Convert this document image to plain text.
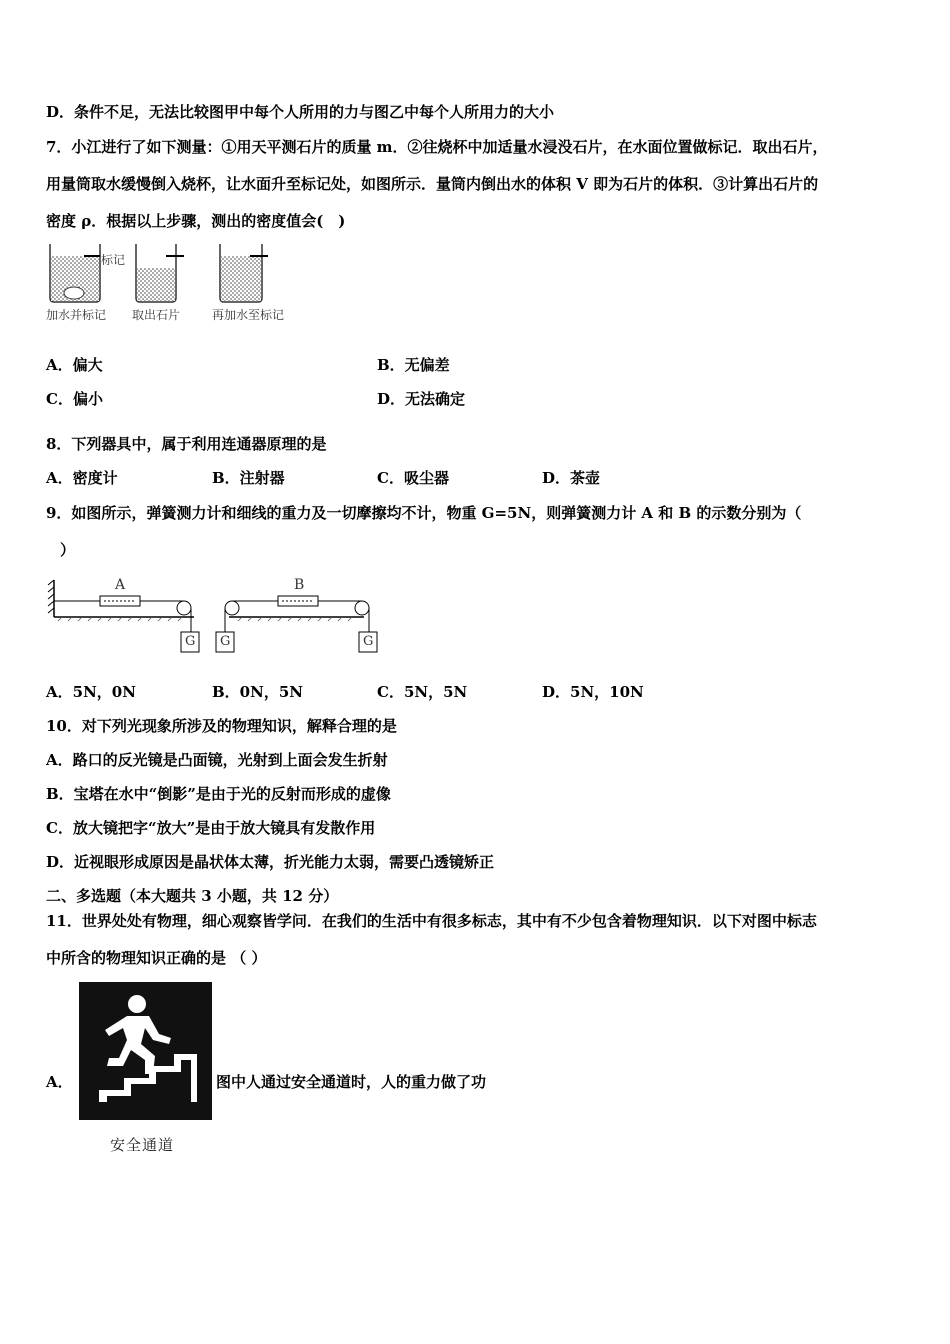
D．条件不足，无法比较图甲中每个人所用的力与图乙中每个人所用力的大小
7．小江进行了如下测量：①用天平测石片的质量 m．②往烧杯中加适量水浸没石片，在水面位置做标记．取出石片，
用量筒取水缓慢倒入烧杯，让水面升至标记处，如图所示．量筒内倒出水的体积 V 即为石片的体积．③计算出石片的
密度 ρ．根据以上步骤，测出的密度值会(　)
标记
加水并标记 取出石片	再加水至标记
A．偏大	B．无偏差
C．偏小	D．无法确定
8．下列器具中，属于利用连通器原理的是
A．密度计	B．注射器	C．吸尘器	D．茶壶
9．如图所示，弹簧测力计和细线的重力及一切摩擦均不计，物重 G=5N，则弹簧测力计 A 和 B 的示数分别为（
）
A	B
G G	G
A．5N，0N	B．0N，5N	C．5N，5N	D．5N，10N
10．对下列光现象所涉及的物理知识，解释合理的是
A．路口的反光镜是凸面镜，光射到上面会发生折射
B．宝塔在水中“倒影”是由于光的反射而形成的虚像
C．放大镜把字“放大”是由于放大镜具有发散作用
D．近视眼形成原因是晶状体太薄，折光能力太弱，需要凸透镜矫正
二、多选题（本大题共 3 小题，共 12 分）
11．世界处处有物理，细心观察皆学问．在我们的生活中有很多标志，其中有不少包含着物理知识．以下对图中标志
中所含的物理知识正确的是 （ ）
A．
安全通道
图中人通过安全通道时，人的重力做了功
